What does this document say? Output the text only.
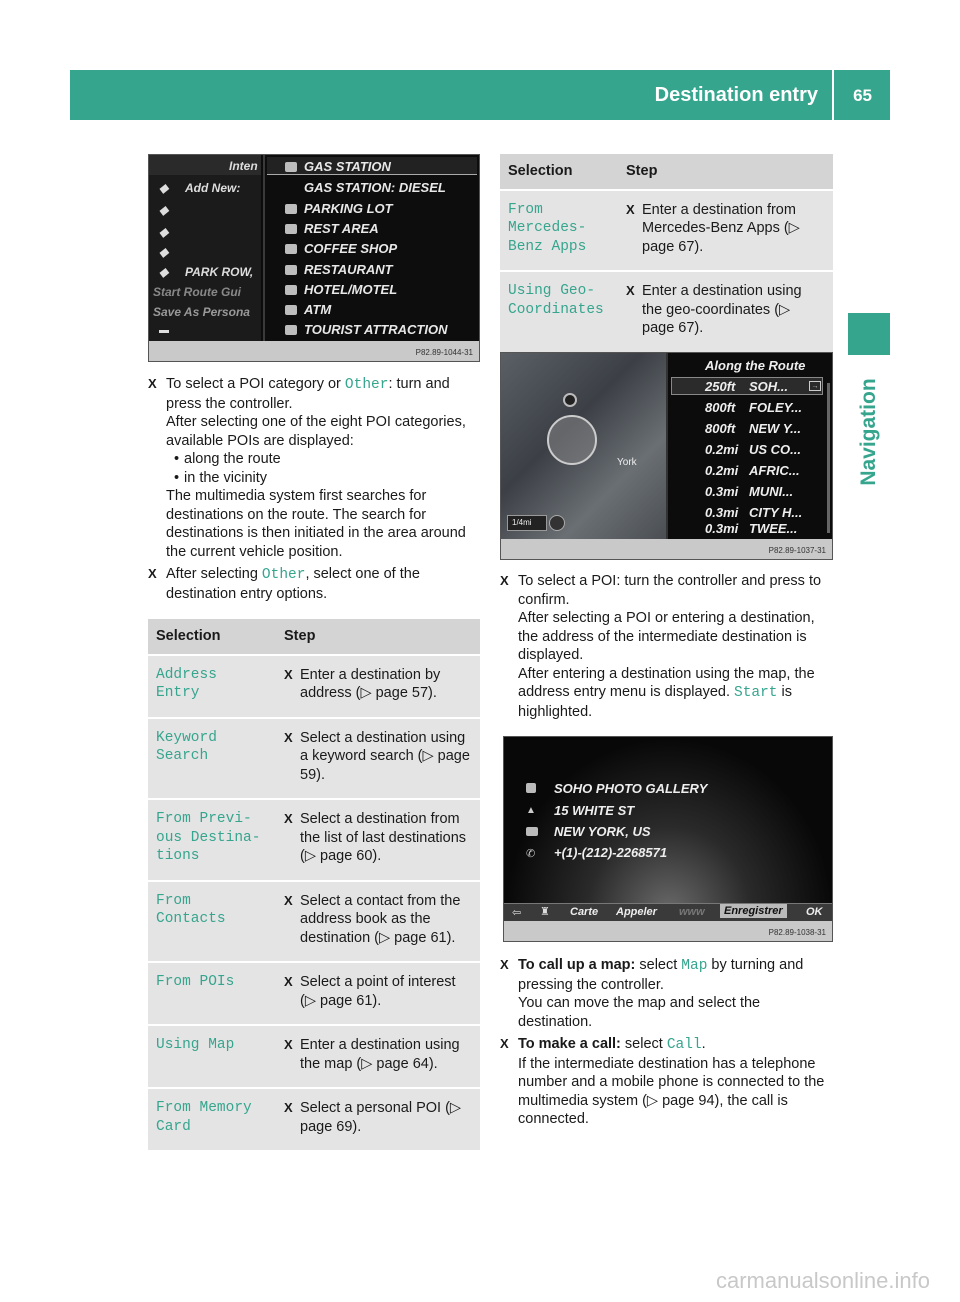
Destination entry 65
Navigation
Inten
◆ Add New:
◆
◆
◆
◆ PARK ROW,
Start Route Gui
Save As Persona
▬
GAS STATION
GAS STATION: DIESEL
PARKING LOT
REST AREA
COFFEE SHOP
RESTAURANT
HOTEL/MOTEL
ATM
TOURIST ATTRACTION
P82.89-1044-31
X To select a POI category or Other: turn and press the controller.
After selecting one of the eight POI categories, available POIs are displayed:
• along the route
• in the vicinity
The multimedia system first searches for destinations on the route. The search for destinations is then initiated in the area around the current vehicle position.
X After selecting Other, select one of the destination entry options.
Selection	Step
Address Entry	X Enter a destination by address (▷ page 57).
Keyword Search	X Select a destination using a keyword search (▷ page 59).
From Previ‐ ous Destina‐ tions	X Select a destination from the list of last destinations (▷ page 60).
From Contacts	X Select a contact from the address book as the destination (▷ page 61).
From POIs	X Select a point of interest (▷ page 61).
Using Map	X Enter a destination using the map (▷ page 64).
From Memory Card	X Select a personal POI (▷ page 69).
Selection	Step
From Mercedes- Benz Apps	X Enter a destination from Mercedes-Benz Apps (▷ page 67).
Using Geo- Coordinates	X Enter a destination using the geo-coordinates (▷ page 67).
York
1/4mi
Along the Route
→
250ft SOH...
800ft FOLEY...
800ft NEW Y...
0.2mi US CO...
0.2mi AFRIC...
0.3mi MUNI...
0.3mi CITY H...
0.3mi TWEE...
P82.89-1037-31
X To select a POI: turn the controller and press to confirm.
After selecting a POI or entering a destination, the address of the intermediate destination is displayed.
After entering a destination using the map, the address entry menu is displayed. Start is highlighted.
SOHO PHOTO GALLERY
▲ 15 WHITE ST
NEW YORK, US
✆ +(1)-(212)-2268571
⇦ ♜ Carte Appeler www	Enregistrer	OK
P82.89-1038-31
X To call up a map: select Map by turning and pressing the controller.
You can move the map and select the destination.
X To make a call: select Call.
If the intermediate destination has a telephone number and a mobile phone is connected to the multimedia system (▷ page 94), the call is connected.
carmanualsonline.info
